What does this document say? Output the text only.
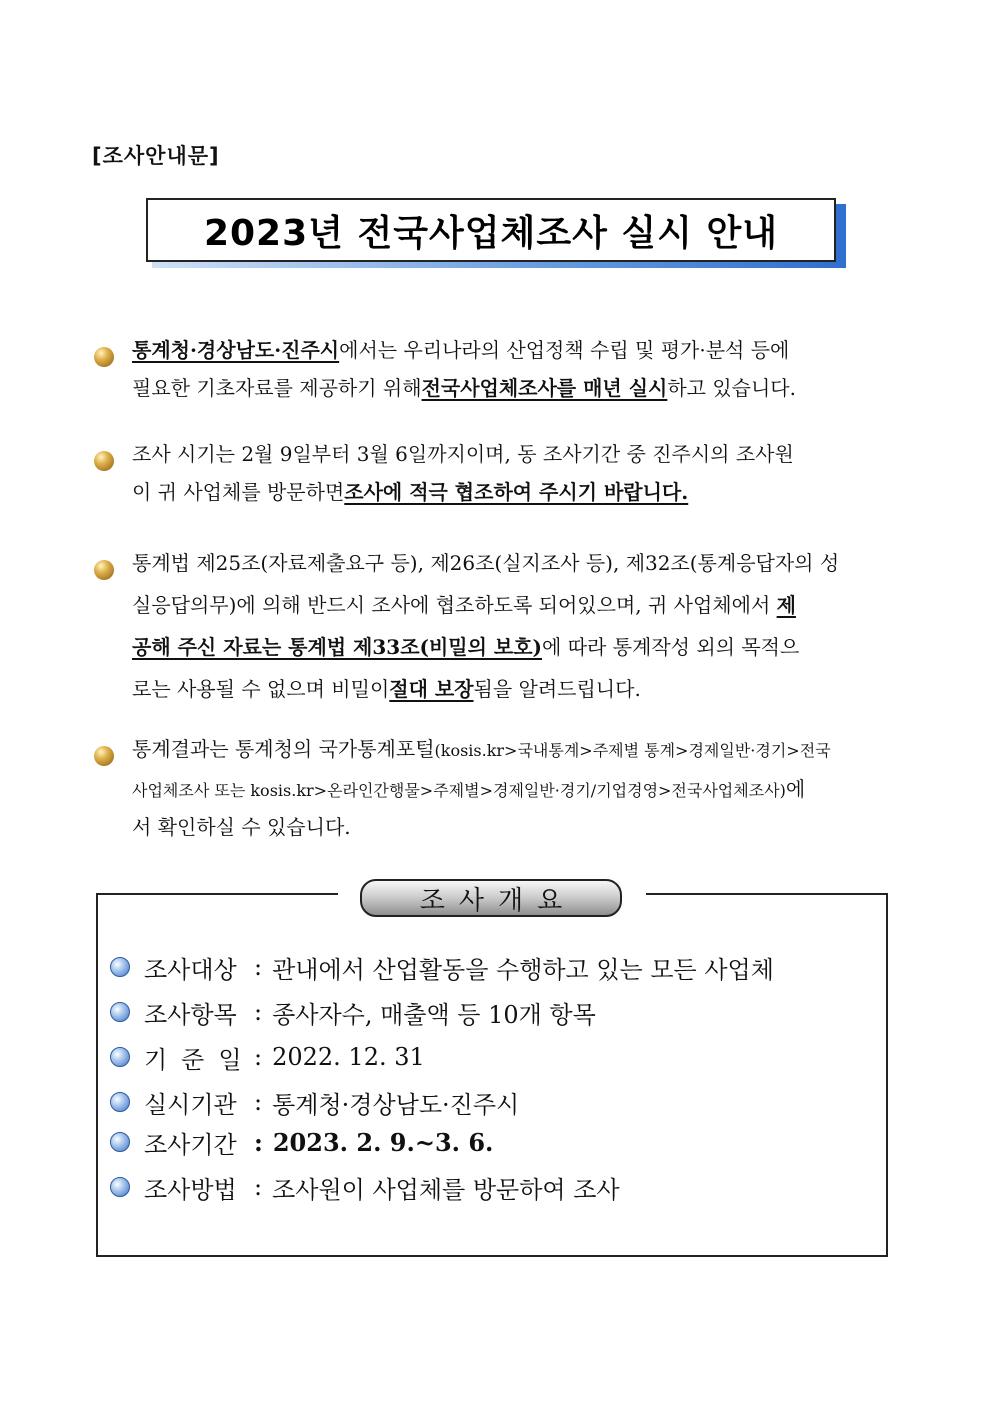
[조사안내문]
2023년 전국사업체조사 실시 안내
통계청·경상남도·진주시에서는 우리나라의 산업정책 수립 및 평가·분석 등에
필요한 기초자료를 제공하기 위해 전국사업체조사를 매년 실시 하고 있습니다.
조사 시기는 2월 9일부터 3월 6일까지이며, 동 조사기간 중 진주시의 조사원
이 귀 사업체를 방문하면 조사에 적극 협조하여 주시기 바랍니다.
통계법 제25조(자료제출요구 등), 제26조(실지조사 등), 제32조(통계응답자의 성
실응답의무)에 의해 반드시 조사에 협조하도록 되어있으며, 귀 사업체에서 제
공해 주신 자료는 통계법 제33조(비밀의 보호)에 따라 통계작성 외의 목적으
로는 사용될 수 없으며 비밀이 절대 보장 됨을 알려드립니다.
통계결과는 통계청의 국가통계포털(kosis.kr>국내통계>주제별 통계>경제일반·경기>전국
사업체조사 또는 kosis.kr>온라인간행물>주제별>경제일반·경기/기업경영>전국사업체조사)에
서 확인하실 수 있습니다.
조사개요
조사대상 : 관내에서 산업활동을 수행하고 있는 모든 사업체
조사항목 : 종사자수, 매출액 등 10개 항목
기준일
: 2022. 12. 31
실시기관 : 통계청·경상남도·진주시
조사기간 : 2023. 2. 9.~3. 6.
조사방법 : 조사원이 사업체를 방문하여 조사
